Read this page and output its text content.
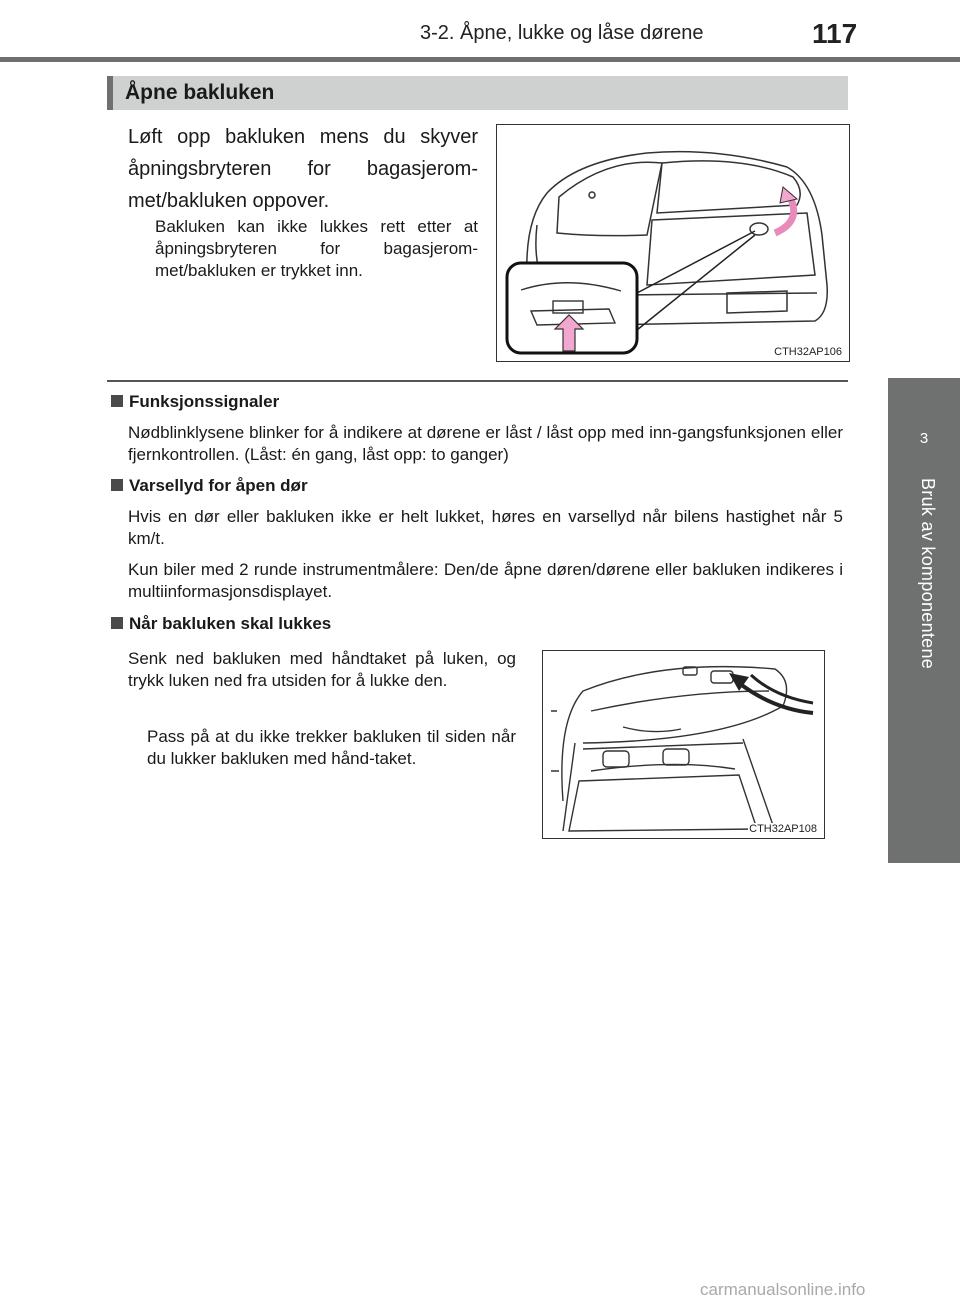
3-2. Åpne, lukke og låse dørene	117
3
Bruk av komponentene
Åpne bakluken
Løft opp bakluken mens du skyver åpningsbryteren for bagasjerom-met/bakluken oppover.
Bakluken kan ikke lukkes rett etter at åpningsbryteren for bagasjerom-met/bakluken er trykket inn.
CTH32AP106
Funksjonssignaler
Nødblinklysene blinker for å indikere at dørene er låst / låst opp med inn-gangsfunksjonen eller fjernkontrollen. (Låst: én gang, låst opp: to ganger)
Varsellyd for åpen dør
Hvis en dør eller bakluken ikke er helt lukket, høres en varsellyd når bilens hastighet når 5 km/t.
Kun biler med 2 runde instrumentmålere: Den/de åpne døren/dørene eller bakluken indikeres i multiinformasjonsdisplayet.
Når bakluken skal lukkes
Senk ned bakluken med håndtaket på luken, og trykk luken ned fra utsiden for å lukke den.
Pass på at du ikke trekker bakluken til siden når du lukker bakluken med hånd-taket.
CTH32AP108
carmanualsonline.info
